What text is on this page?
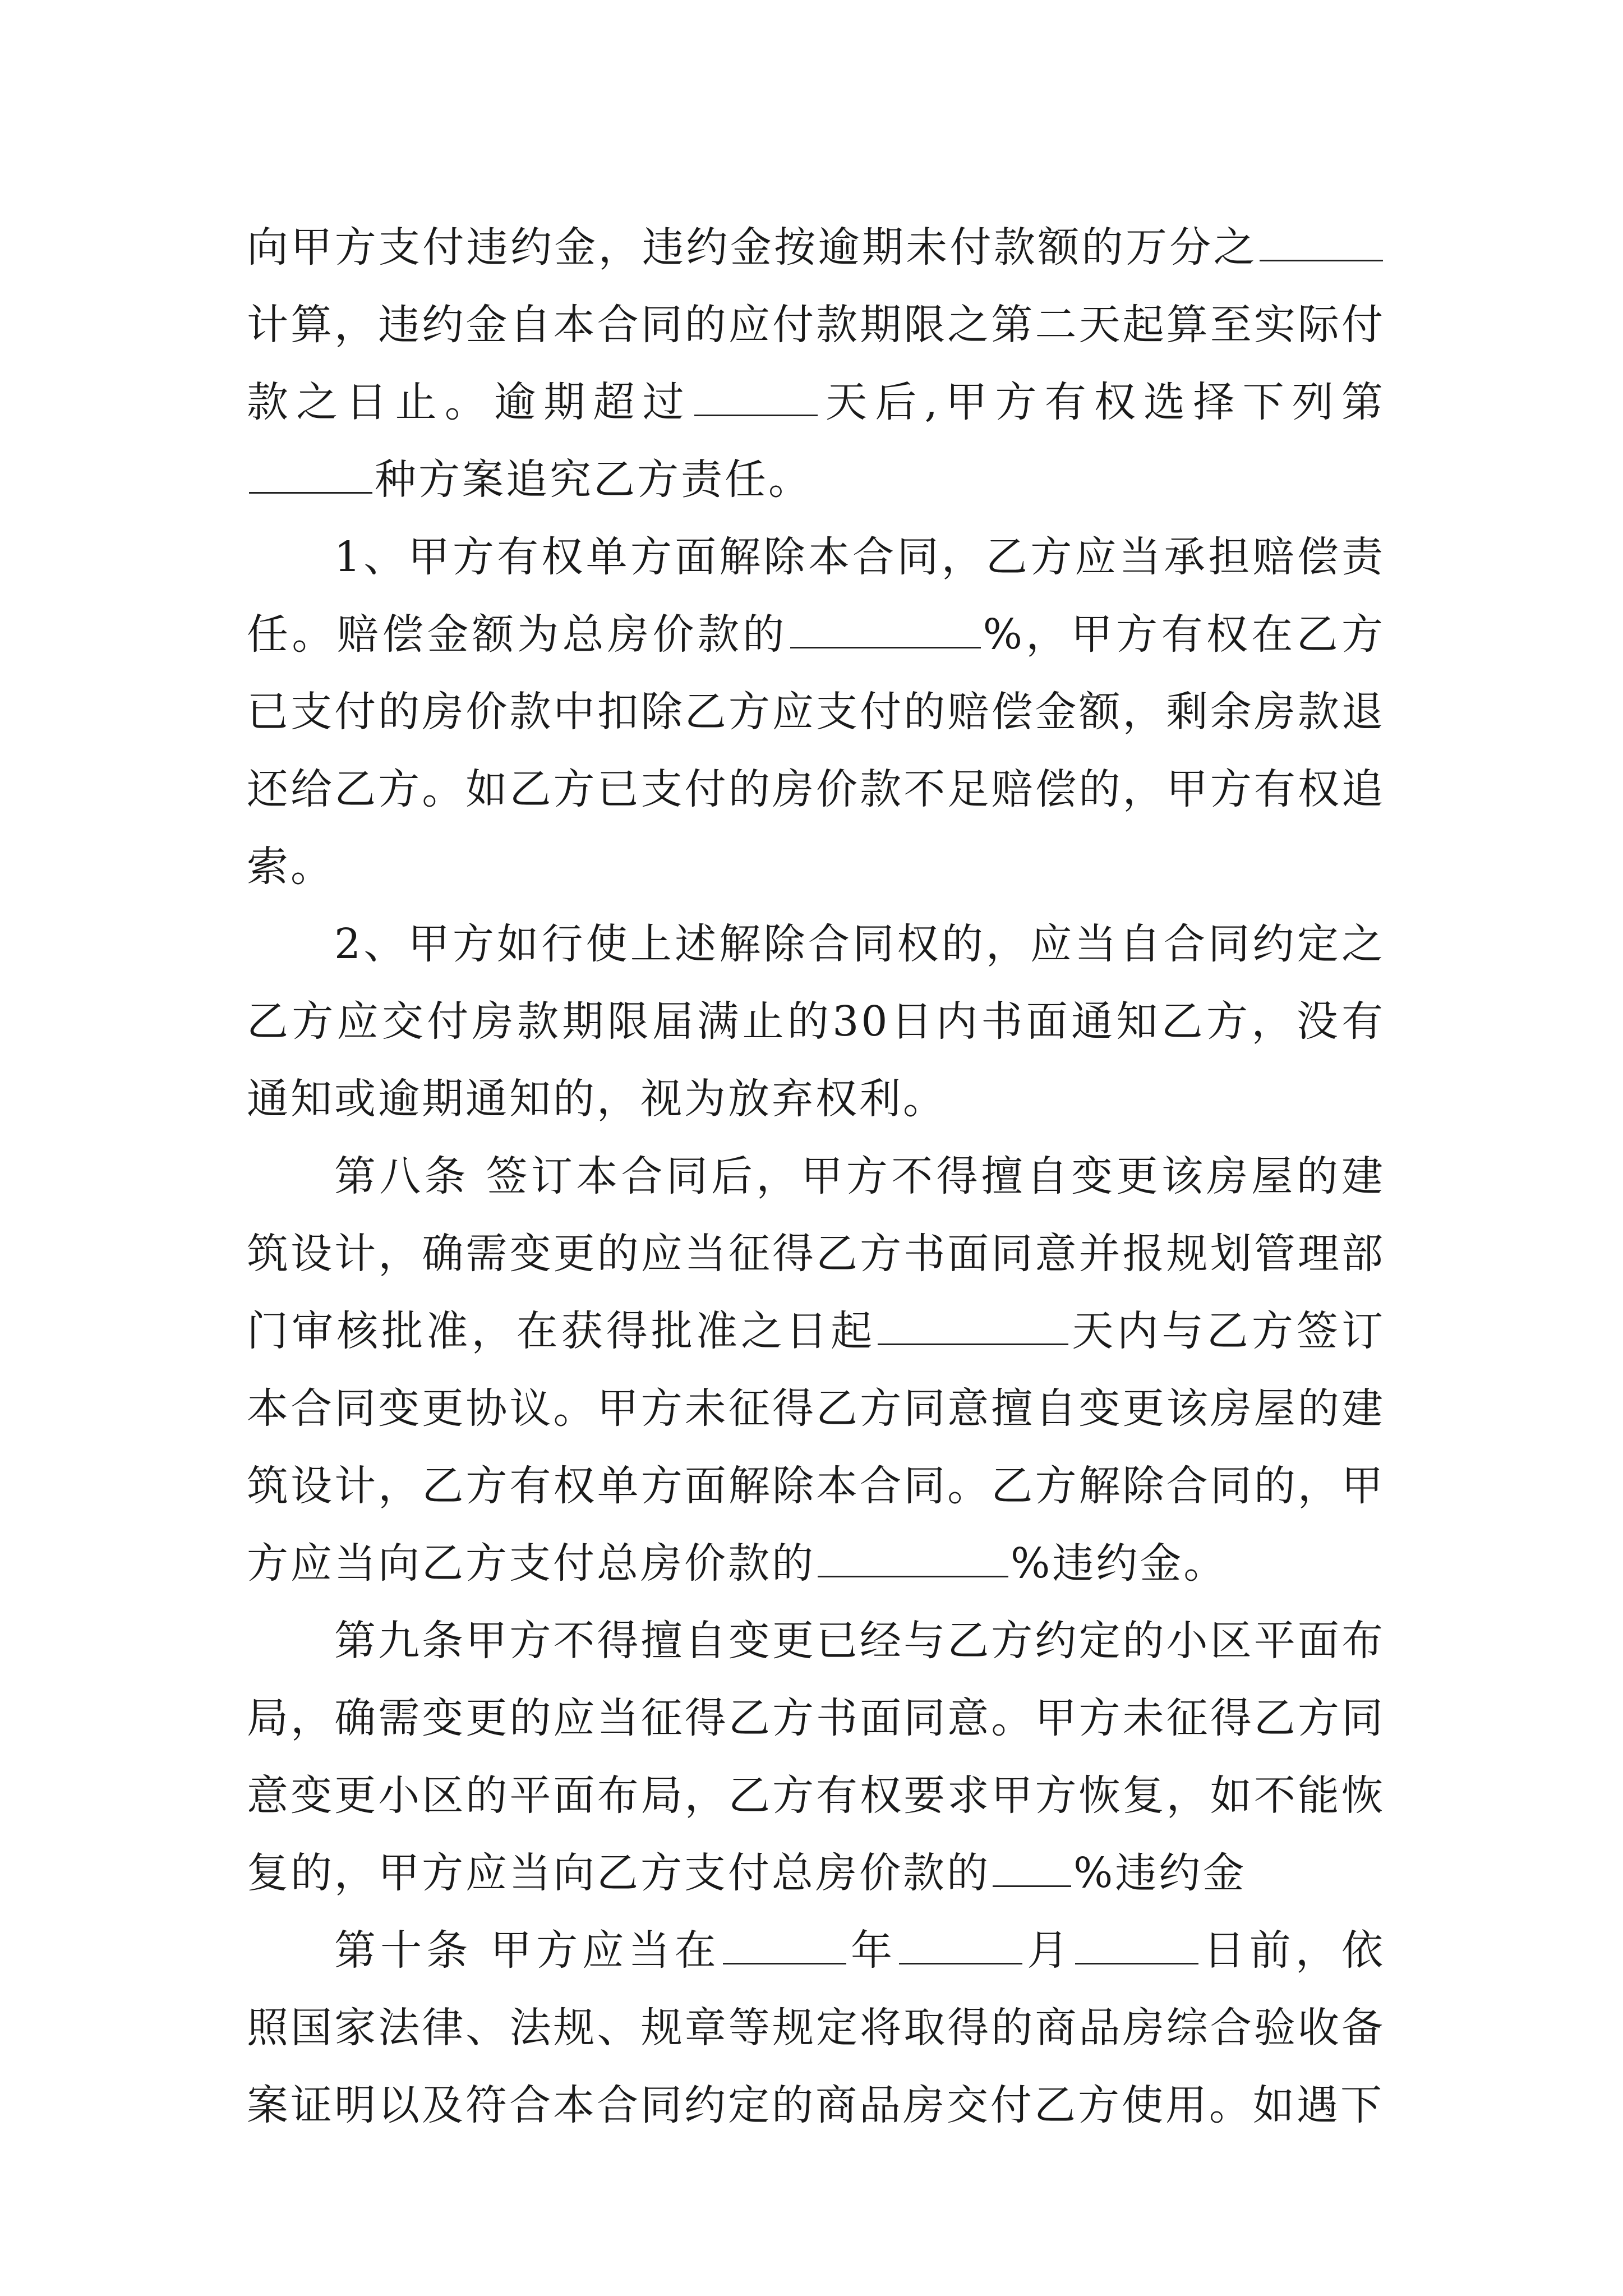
向甲方支付违约金，违约金按逾期未付款额的万分之计算，违约金自本合同的应付款期限之第二天起算至实际付款之日止。逾期超过	天后,甲方有权选择下列第种方案追究乙方责任。

1、甲方有权单方面解除本合同，乙方应当承担赔偿责任。赔偿金额为总房价款的	%，甲方有权在乙方已支付的房价款中扣除乙方应支付的赔偿金额，剩余房款退还给乙方。如乙方已支付的房价款不足赔偿的，甲方有权追索。

2、甲方如行使上述解除合同权的，应当自合同约定之乙方应交付房款期限届满止的30日内书面通知乙方，没有通知或逾期通知的，视为放弃权利。

第八条 签订本合同后，甲方不得擅自变更该房屋的建筑设计，确需变更的应当征得乙方书面同意并报规划管理部门审核批准，在获得批准之日起	天内与乙方签订本合同变更协议。甲方未征得乙方同意擅自变更该房屋的建筑设计，乙方有权单方面解除本合同。乙方解除合同的，甲方应当向乙方支付总房价款的	%违约金。

第九条甲方不得擅自变更已经与乙方约定的小区平面布局，确需变更的应当征得乙方书面同意。甲方未征得乙方同意变更小区的平面布局，乙方有权要求甲方恢复，如不能恢复的，甲方应当向乙方支付总房价款的 %违约金

第十条 甲方应当在	年	月	日前，依照国家法律、法规、规章等规定将取得的商品房综合验收备案证明以及符合本合同约定的商品房交付乙方使用。如遇下
